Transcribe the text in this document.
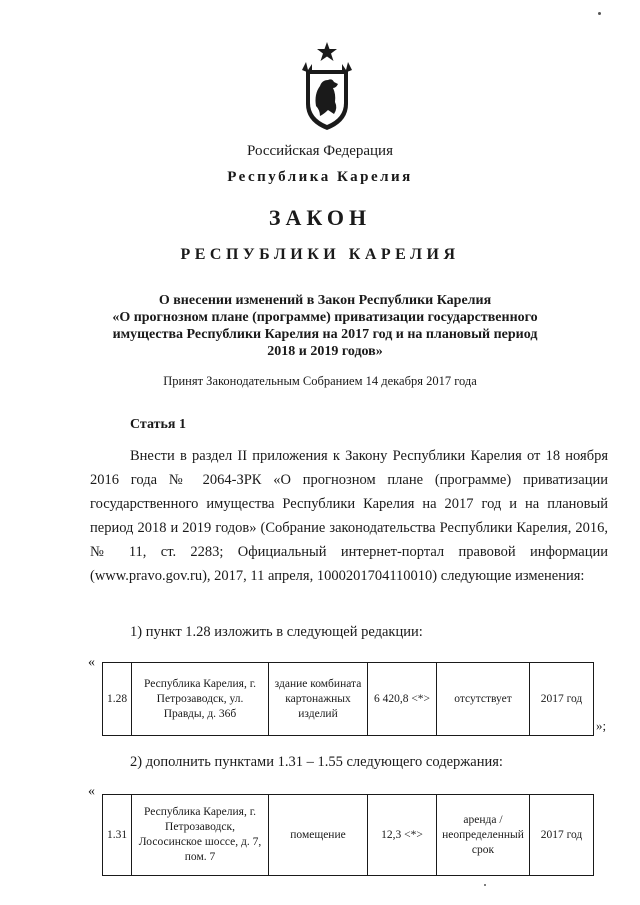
Российская Федерация
Республика Карелия
ЗАКОН
РЕСПУБЛИКИ КАРЕЛИЯ
О внесении изменений в Закон Республики Карелия
«О прогнозном плане (программе) приватизации государственного
имущества Республики Карелия на 2017 год и на плановый период
2018 и 2019 годов»
Принят Законодательным Собранием 14 декабря 2017 года
Статья 1

Внести в раздел II приложения к Закону Республики Карелия от 18 ноября 2016 года № 2064-ЗРК «О прогнозном плане (программе) приватизации государственного имущества Республики Карелия на 2017 год и на плановый период 2018 и 2019 годов» (Собрание законодательства Республики Карелия, 2016, № 11, ст. 2283; Официальный интернет-портал правовой информации (www.pravo.gov.ru), 2017, 11 апреля, 1000201704110010) следующие изменения:

1) пункт 1.28 изложить в следующей редакции:
«
1.28	Республика Карелия, г. Петрозаводск, ул. Правды, д. 36б	здание комбината картонажных изделий	6 420,8 <*>	отсутствует	2017 год
»;
2) дополнить пунктами 1.31 – 1.55 следующего содержания:
«
1.31	Республика Карелия, г. Петрозаводск, Лососинское шоссе, д. 7, пом. 7	помещение	12,3 <*>	аренда / неопределенный срок	2017 год
